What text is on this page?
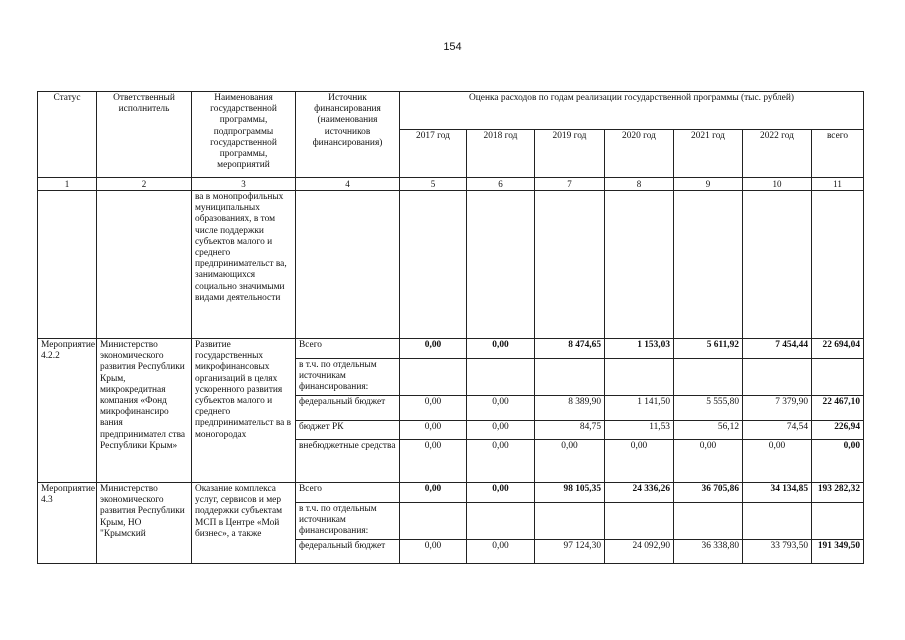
154
Статус	Ответственный исполнитель	Наименования государственной программы, подпрограммы государственной программы, мероприятий	Источник финансирования (наименования источников финансирования)	Оценка расходов по годам реализации государственной программы (тыс. рублей)						
				2017 год	2018 год	2019 год	2020 год	2021 год	2022 год	всего
1	2	3	4	5	6	7	8	9	10	11
		ва в монопрофильных муниципальных образованиях, в том числе поддержки субъектов малого и среднего предпринимательст ва, занимающихся социально значимыми видами деятельности								
Мероприятие 4.2.2	Министерство экономического развития Республики Крым, микрокредитная компания «Фонд микрофинансиро вания предпринимател ства Республики Крым»	Развитие государственных микрофинансовых организаций в целях ускоренного развития субъектов малого и среднего предпринимательст ва в моногородах	Всего	0,00	0,00	8 474,65	1 153,03	5 611,92	7 454,44	22 694,04
			в т.ч. по отдельным источникам финансирования:							
			федеральный бюджет	0,00	0,00	8 389,90	1 141,50	5 555,80	7 379,90	22 467,10
			бюджет РК	0,00	0,00	84,75	11,53	56,12	74,54	226,94
			внебюджетные средства	0,00	0,00	0,00	0,00	0,00	0,00	0,00
Мероприятие 4.3	Министерство экономического развития Республики Крым, НО "Крымский	Оказание комплекса услуг, сервисов и мер поддержки субъектам МСП в Центре «Мой бизнес», а также	Всего	0,00	0,00	98 105,35	24 336,26	36 705,86	34 134,85	193 282,32
			в т.ч. по отдельным источникам финансирования:							
			федеральный бюджет	0,00	0,00	97 124,30	24 092,90	36 338,80	33 793,50	191 349,50
